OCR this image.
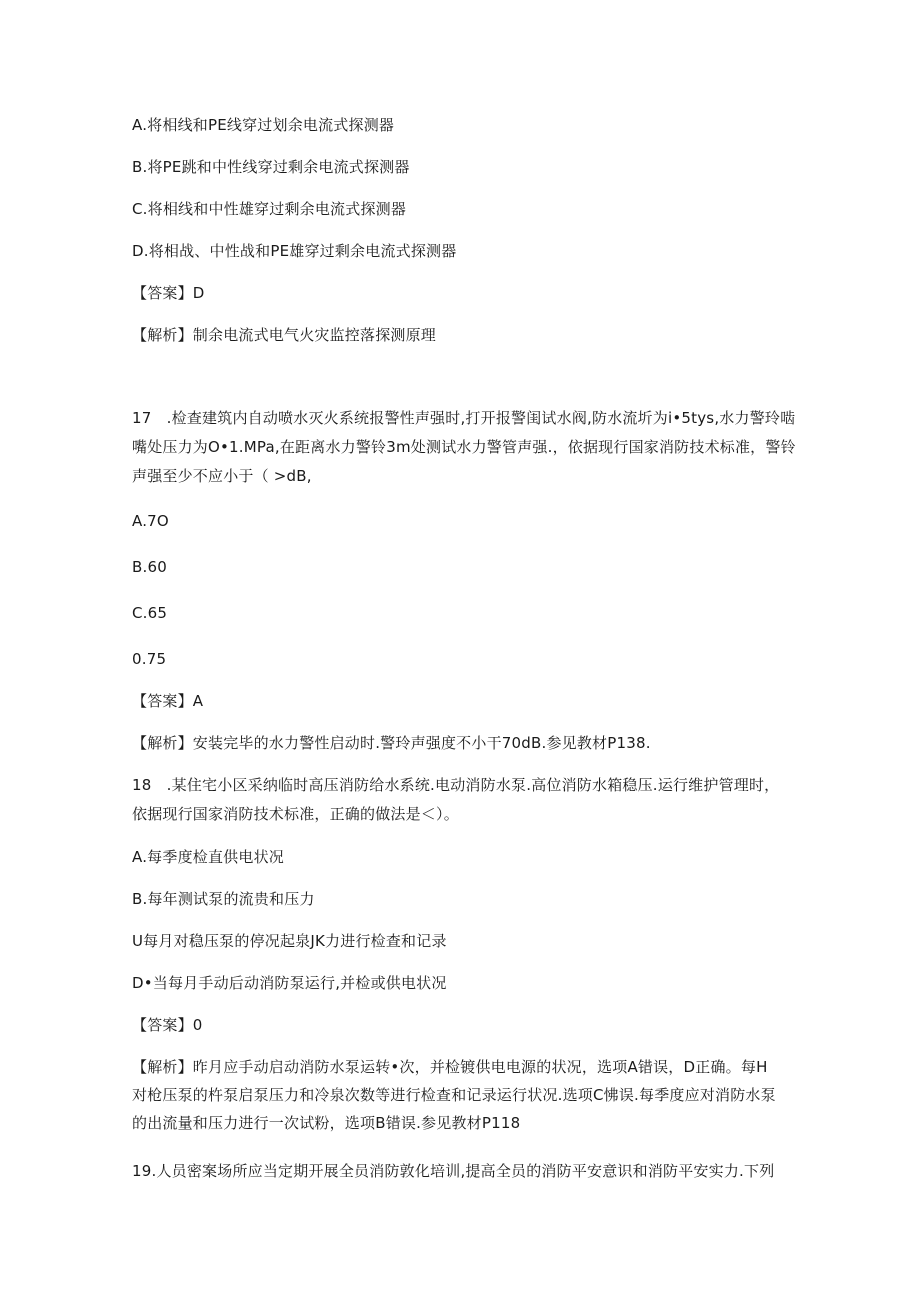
A.将相线和PE线穿过划余电流式探测器
B.将PE跳和中性线穿过剩余电流式探测器
C.将相线和中性雄穿过剩余电流式探测器
D.将相战、中性战和PE雄穿过剩余电流式探测器
【答案】D
【解析】制余电流式电气火灾监控落探测原理
17　.检查建筑内自动喷水灭火系统报警性声强时,打开报警闺试水阀,防水流圻为i•5tys,水力警玲啮
嘴处压力为O•1.MPa,在距离水力警铃3m处测试水力警管声强.，依据现行国家消防技术标准，警铃
声强至少不应小于（ >dB,
A.7O
B.60
C.65
0.75
【答案】A
【解析】安装完毕的水力警性启动时.警玲声强度不小干70dB.参见教材P138.
18　.某住宅小区采纳临时高压消防给水系统.电动消防水泵.高位消防水箱稳压.运行维护管理时，
依据现行国家消防技术标准，正确的做法是＜）。
A.每季度检直供电状况
B.每年测试泵的流贵和压力
U每月对稳压泵的停况起泉JK力进行检查和记录
D•当每月手动后动消防泵运行,并检或供电状况
【答案】0
【解析】昨月应手动启动消防水泵运转•次，并检镀供电电源的状况，选项A错误，D正确。每H
对枪压泵的杵泵启泵压力和冷泉次数等进行检查和记录运行状况.选项C怫误.每季度应对消防水泵
的出流量和压力进行一次试粉，选项B错误.参见教材P118
19.人员密案场所应当定期开展全员消防敦化培训,提高全员的消防平安意识和消防平安实力.下列
